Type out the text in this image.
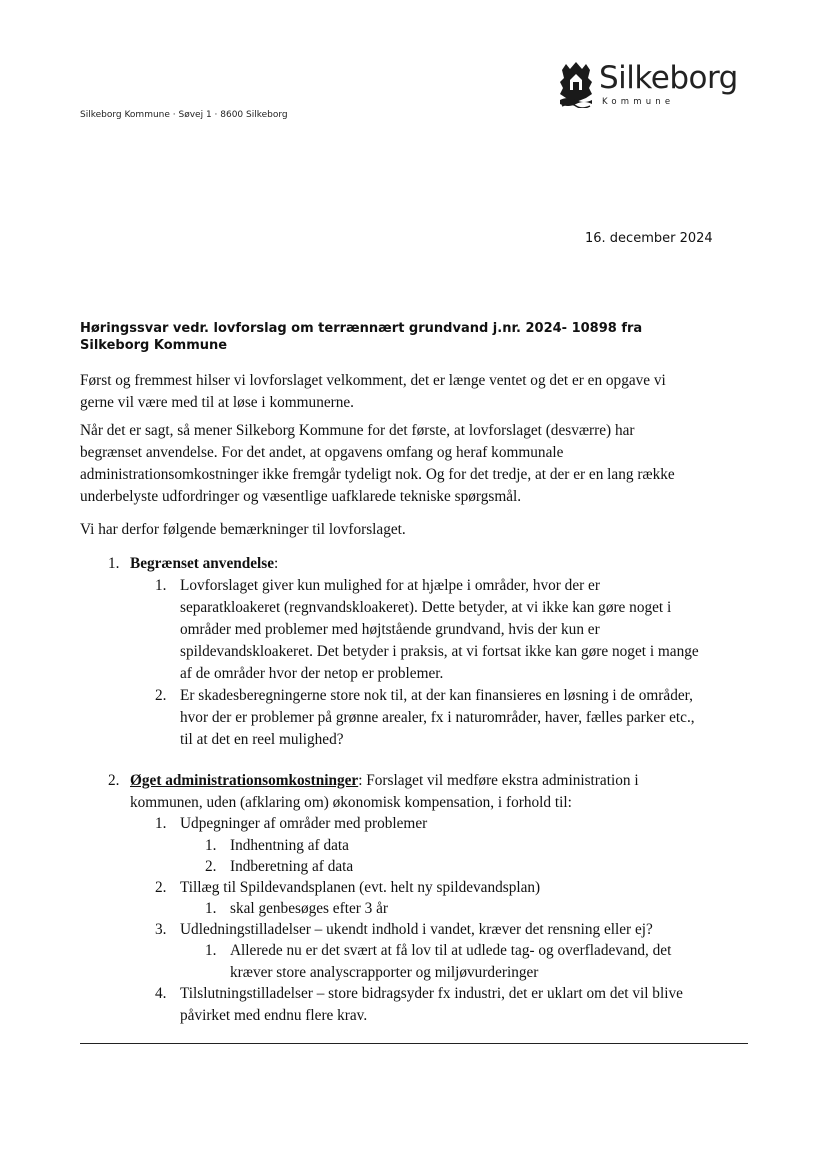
Silkeborg
Kommune
Silkeborg Kommune · Søvej 1 · 8600 Silkeborg
16. december 2024
Høringssvar vedr. lovforslag om terrænnært grundvand j.nr. 2024- 10898 fra
Silkeborg Kommune
Først og fremmest hilser vi lovforslaget velkomment, det er længe ventet og det er en opgave vi
gerne vil være med til at løse i kommunerne.
Når det er sagt, så mener Silkeborg Kommune for det første, at lovforslaget (desværre) har
begrænset anvendelse. For det andet, at opgavens omfang og heraf kommunale
administrationsomkostninger ikke fremgår tydeligt nok. Og for det tredje, at der er en lang række
underbelyste udfordringer og væsentlige uafklarede tekniske spørgsmål.
Vi har derfor følgende bemærkninger til lovforslaget.
1. Begrænset anvendelse:
1. Lovforslaget giver kun mulighed for at hjælpe i områder, hvor der er
separatkloakeret (regnvandskloakeret). Dette betyder, at vi ikke kan gøre noget i
områder med problemer med højtstående grundvand, hvis der kun er
spildevandskloakeret. Det betyder i praksis, at vi fortsat ikke kan gøre noget i mange
af de områder hvor der netop er problemer.
2. Er skadesberegningerne store nok til, at der kan finansieres en løsning i de områder,
hvor der er problemer på grønne arealer, fx i naturområder, haver, fælles parker etc.,
til at det en reel mulighed?
2. Øget administrationsomkostninger: Forslaget vil medføre ekstra administration i
kommunen, uden (afklaring om) økonomisk kompensation, i forhold til:
1. Udpegninger af områder med problemer
1. Indhentning af data
2. Indberetning af data
2. Tillæg til Spildevandsplanen (evt. helt ny spildevandsplan)
1. skal genbesøges efter 3 år
3. Udledningstilladelser – ukendt indhold i vandet, kræver det rensning eller ej?
1. Allerede nu er det svært at få lov til at udlede tag- og overfladevand, det
kræver store analyscrapporter og miljøvurderinger
4. Tilslutningstilladelser – store bidragsyder fx industri, det er uklart om det vil blive
påvirket med endnu flere krav.
